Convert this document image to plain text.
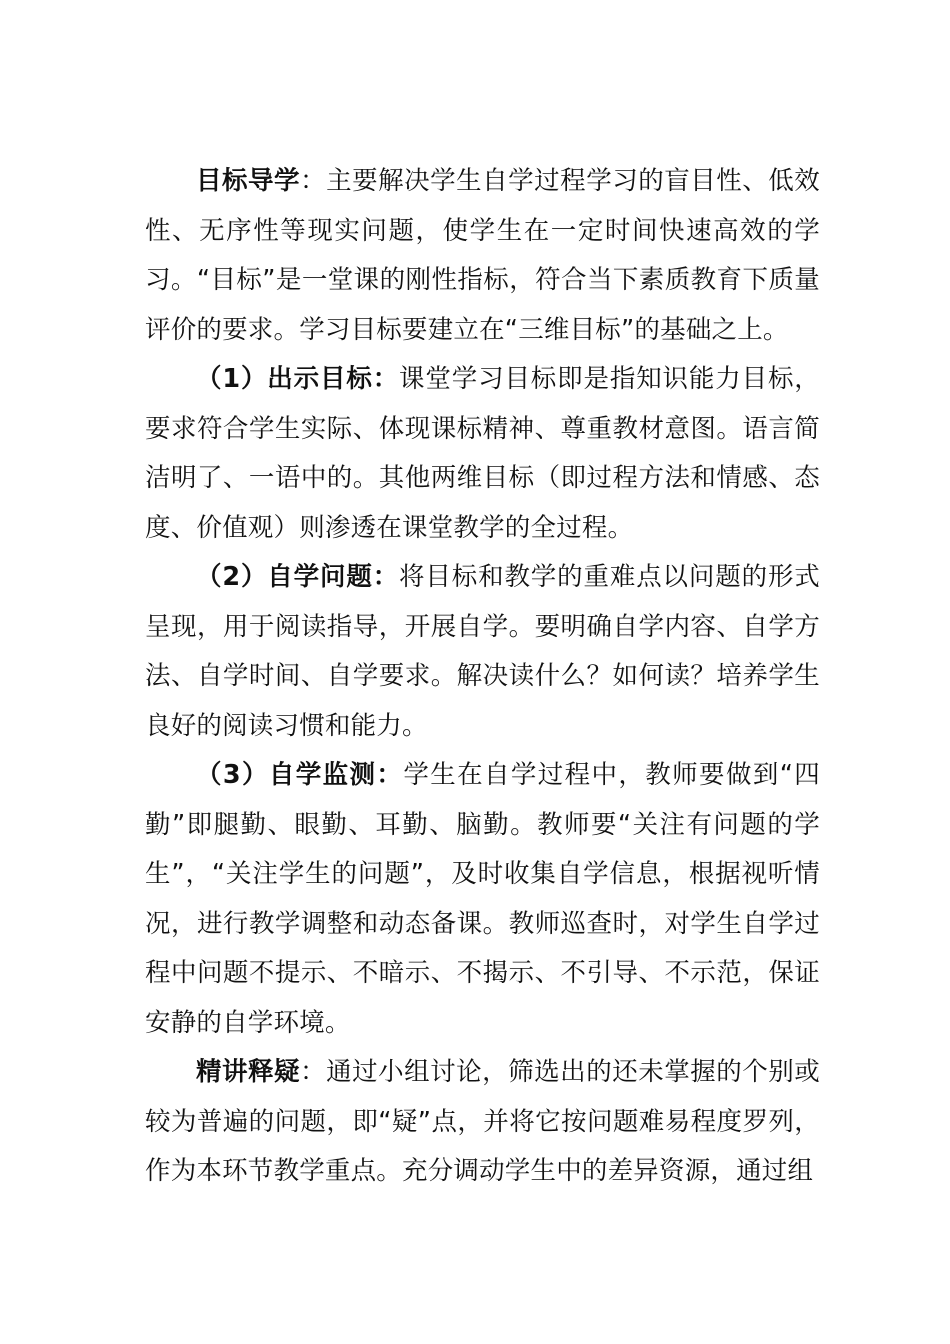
目标导学：主要解决学生自学过程学习的盲目性、低效性、无序性等现实问题，使学生在一定时间快速高效的学习。“目标”是一堂课的刚性指标，符合当下素质教育下质量评价的要求。学习目标要建立在“三维目标”的基础之上。

（1）出示目标：课堂学习目标即是指知识能力目标，要求符合学生实际、体现课标精神、尊重教材意图。语言简洁明了、一语中的。其他两维目标（即过程方法和情感、态度、价值观）则渗透在课堂教学的全过程。

（2）自学问题：将目标和教学的重难点以问题的形式呈现，用于阅读指导，开展自学。要明确自学内容、自学方法、自学时间、自学要求。解决读什么？如何读？培养学生良好的阅读习惯和能力。

（3）自学监测：学生在自学过程中，教师要做到“四勤”即腿勤、眼勤、耳勤、脑勤。教师要“关注有问题的学生”，“关注学生的问题”，及时收集自学信息，根据视听情况，进行教学调整和动态备课。教师巡查时，对学生自学过程中问题不提示、不暗示、不揭示、不引导、不示范，保证安静的自学环境。

精讲释疑：通过小组讨论，筛选出的还未掌握的个别或较为普遍的问题，即“疑”点，并将它按问题难易程度罗列，作为本环节教学重点。充分调动学生中的差异资源，通过组
